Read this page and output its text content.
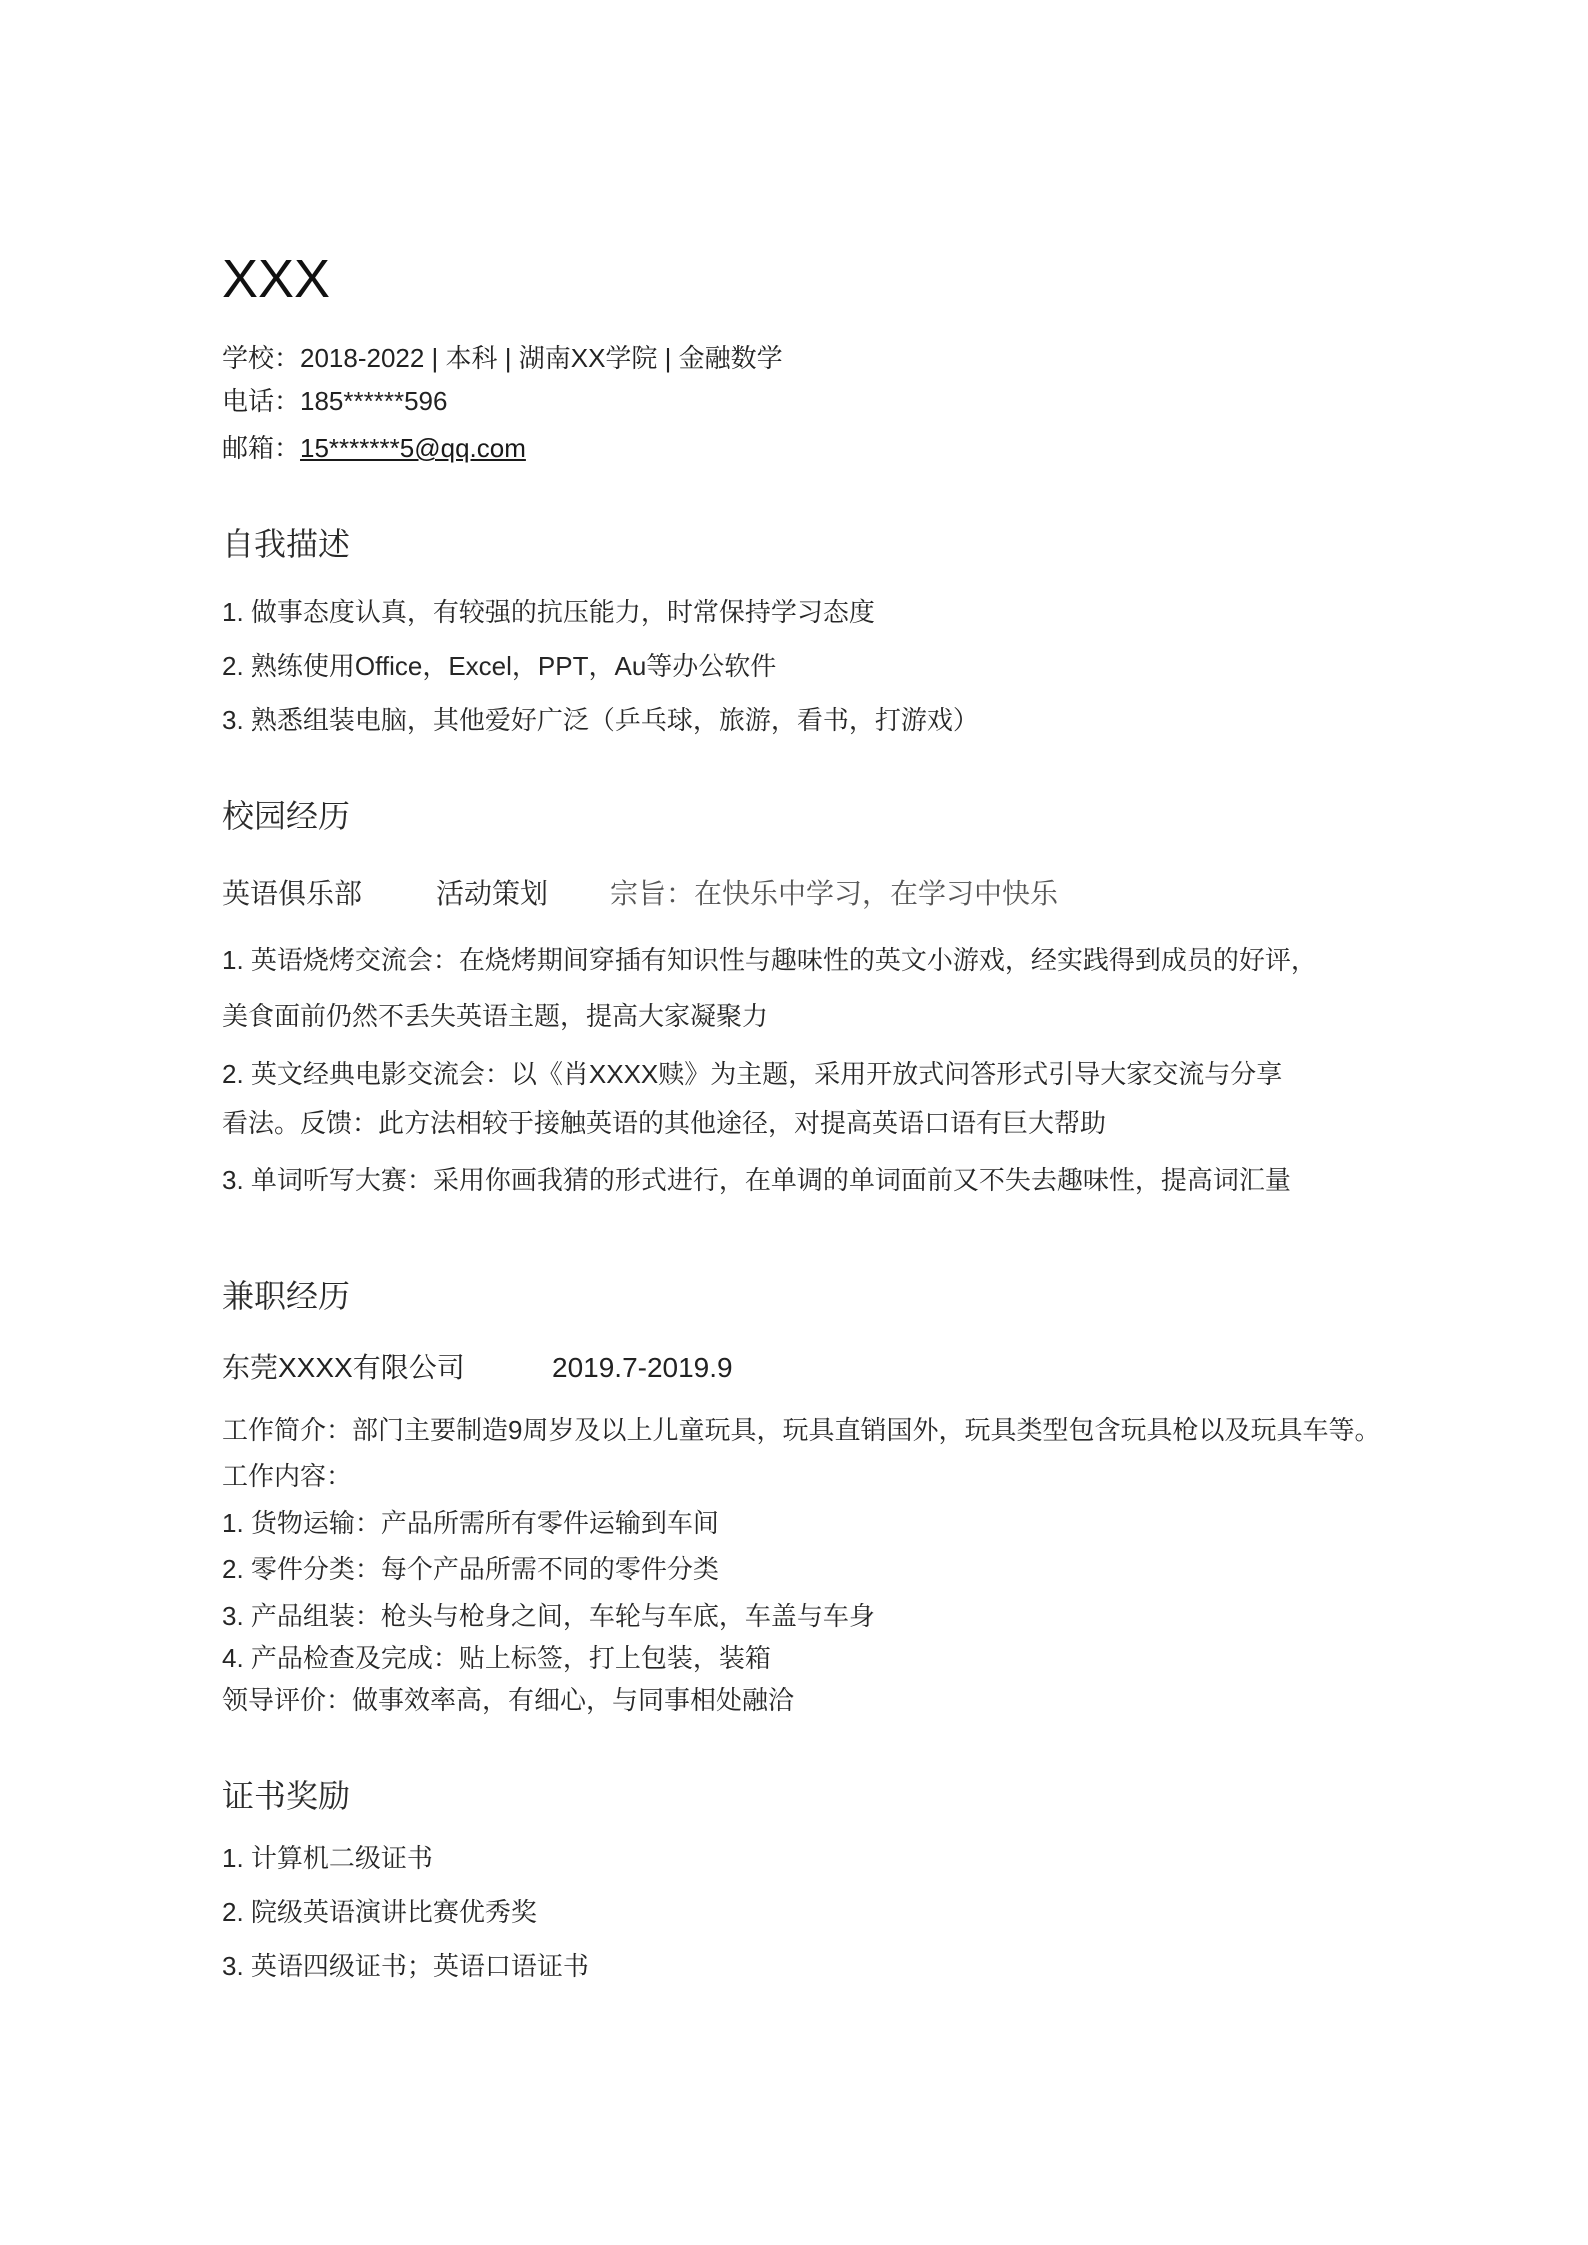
XXX
学校：2018-2022 | 本科 | 湖南XX学院 | 金融数学
电话：185******596
邮箱：15*******5@qq.com
自我描述
1. 做事态度认真，有较强的抗压能力，时常保持学习态度
2. 熟练使用Office，Excel，PPT，Au等办公软件
3. 熟悉组装电脑，其他爱好广泛（乒乓球，旅游，看书，打游戏）
校园经历
英语俱乐部	活动策划 宗旨：在快乐中学习，在学习中快乐
1. 英语烧烤交流会：在烧烤期间穿插有知识性与趣味性的英文小游戏，经实践得到成员的好评，
美食面前仍然不丢失英语主题，提高大家凝聚力
2. 英文经典电影交流会：以《肖XXXX赎》为主题，采用开放式问答形式引导大家交流与分享
看法。反馈：此方法相较于接触英语的其他途径，对提高英语口语有巨大帮助
3. 单词听写大赛：采用你画我猜的形式进行，在单调的单词面前又不失去趣味性，提高词汇量
兼职经历
东莞XXXX有限公司	2019.7-2019.9
工作简介：部门主要制造9周岁及以上儿童玩具，玩具直销国外，玩具类型包含玩具枪以及玩具车等。
工作内容：
1. 货物运输：产品所需所有零件运输到车间
2. 零件分类：每个产品所需不同的零件分类
3. 产品组装：枪头与枪身之间，车轮与车底，车盖与车身
4. 产品检查及完成：贴上标签，打上包装，装箱
领导评价：做事效率高，有细心，与同事相处融洽
证书奖励
1. 计算机二级证书
2. 院级英语演讲比赛优秀奖
3. 英语四级证书；英语口语证书
